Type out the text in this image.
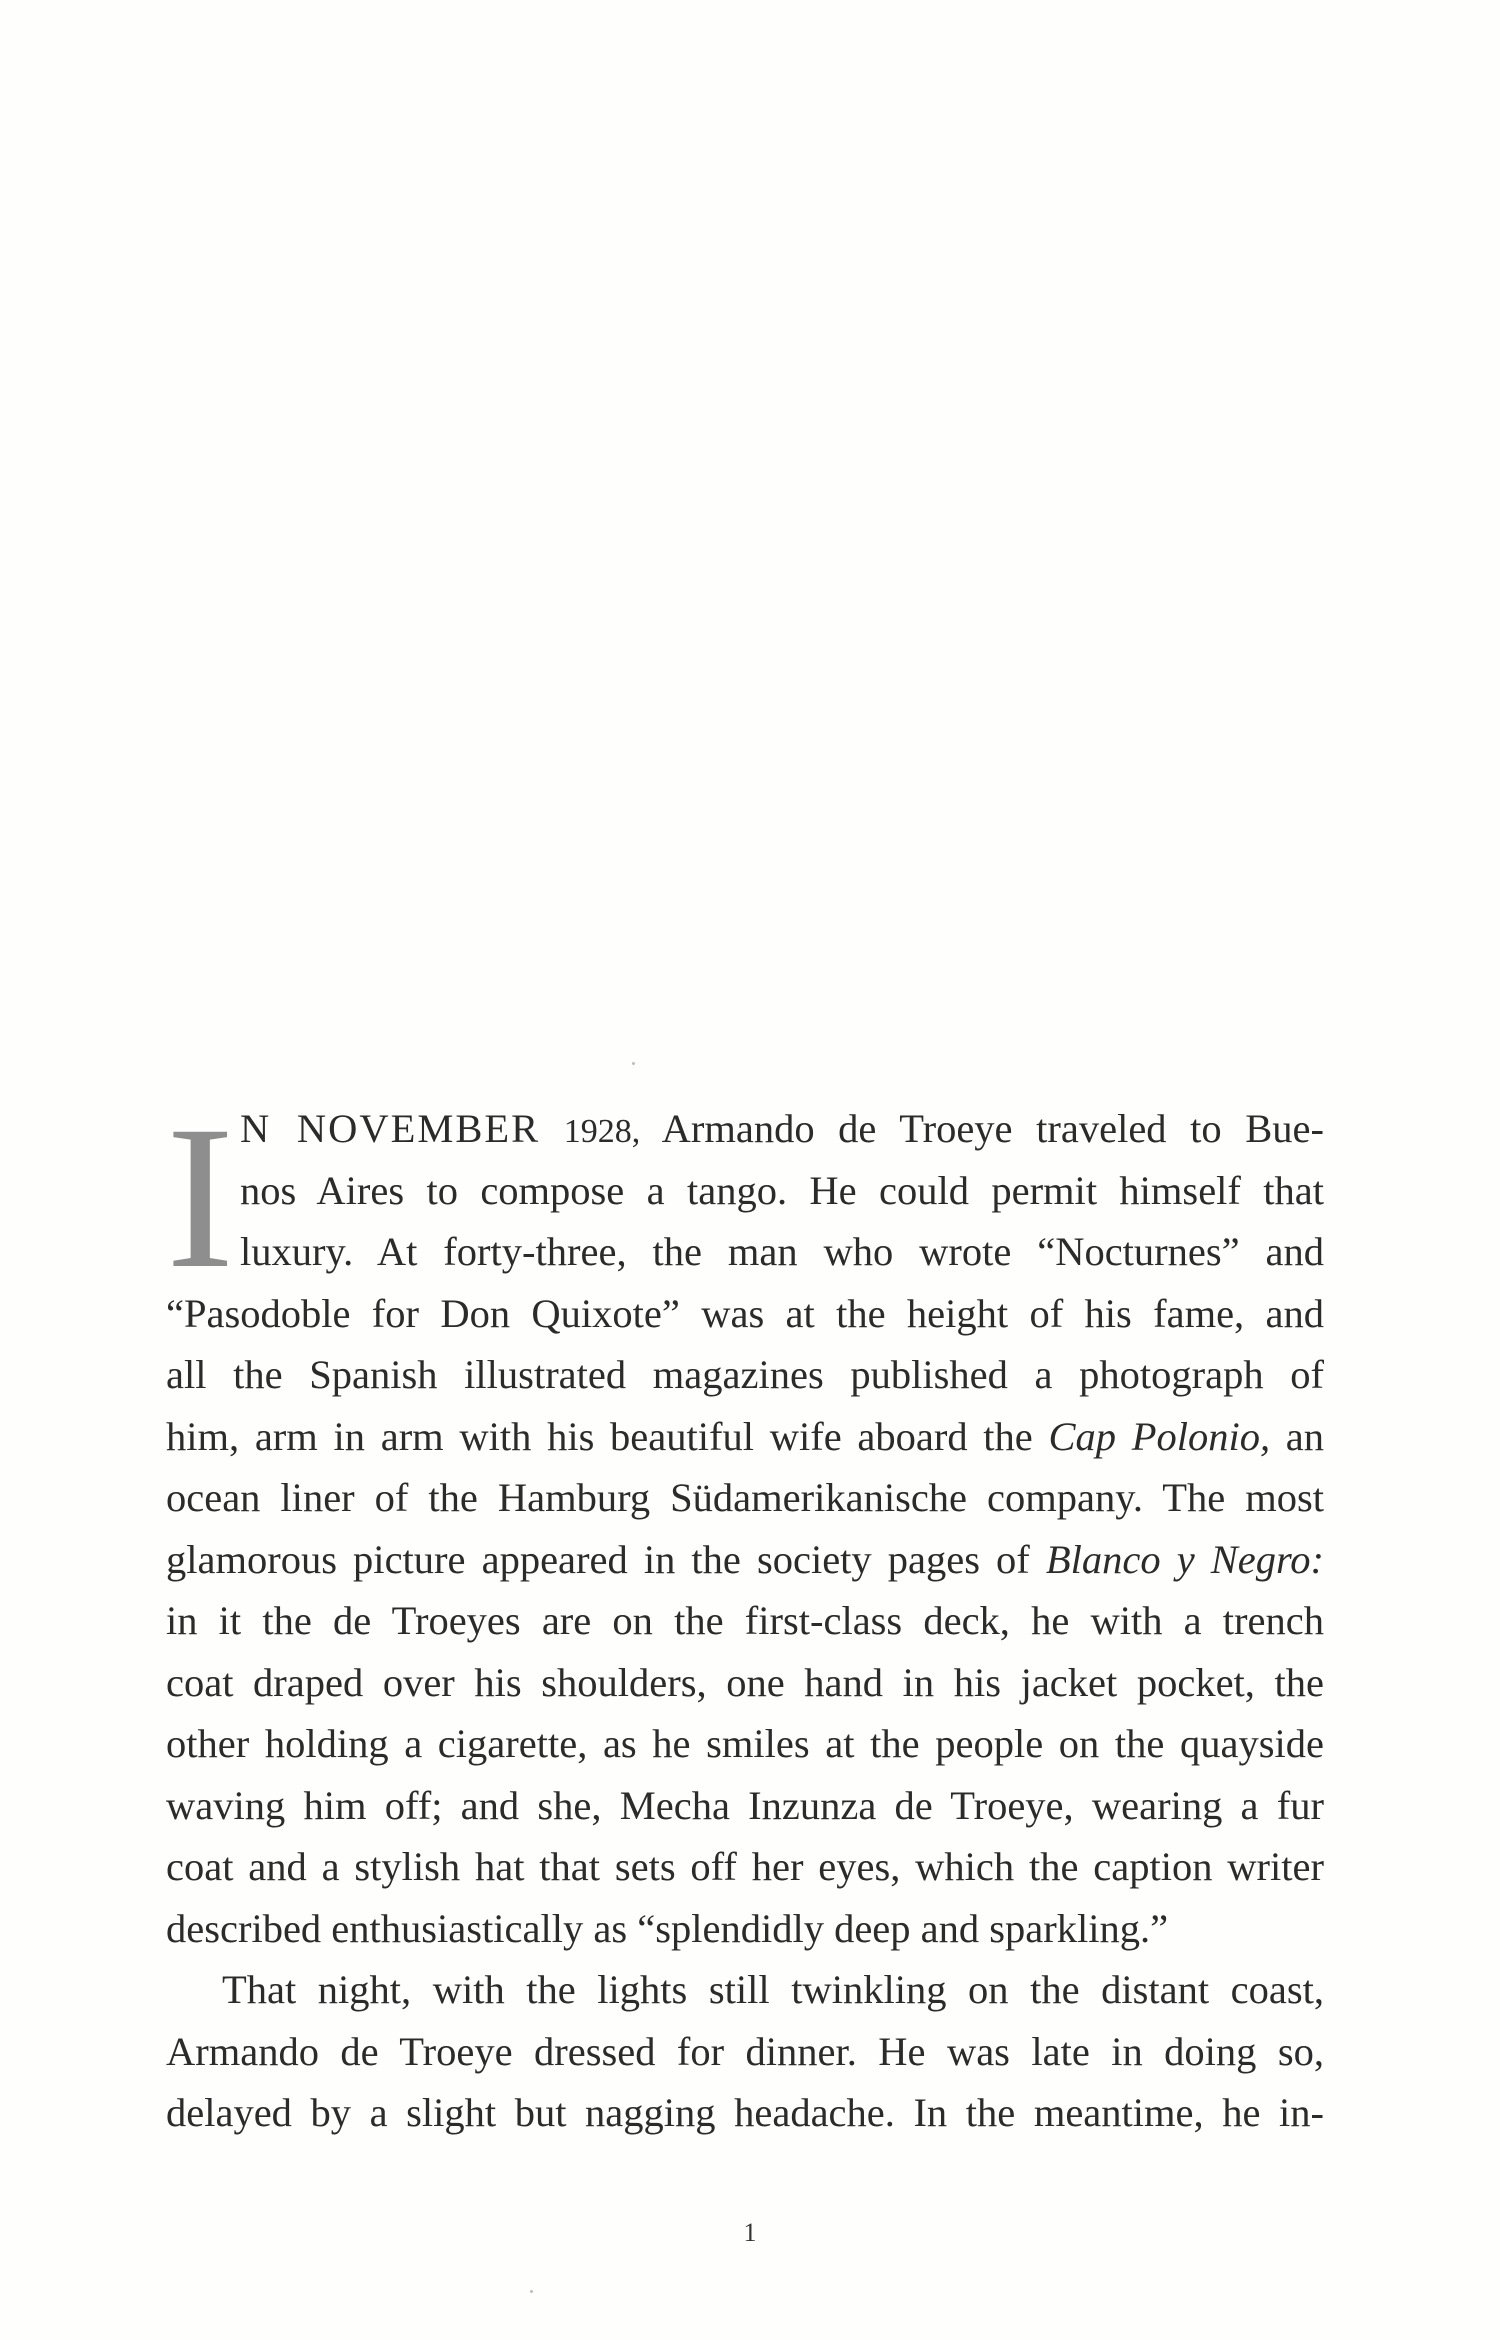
I N NOVEMBER 1928, Armando de Troeye traveled to Bue-
nos Aires to compose a tango. He could permit himself that
luxury. At forty-three, the man who wrote “Nocturnes” and
“Pasodoble for Don Quixote” was at the height of his fame, and
all the Spanish illustrated magazines published a photograph of
him, arm in arm with his beautiful wife aboard the Cap Polonio, an
ocean liner of the Hamburg Südamerikanische company. The most
glamorous picture appeared in the society pages of Blanco y Negro:
in it the de Troeyes are on the first-class deck, he with a trench
coat draped over his shoulders, one hand in his jacket pocket, the
other holding a cigarette, as he smiles at the people on the quayside
waving him off; and she, Mecha Inzunza de Troeye, wearing a fur
coat and a stylish hat that sets off her eyes, which the caption writer
described enthusiastically as “splendidly deep and sparkling.”
That night, with the lights still twinkling on the distant coast,
Armando de Troeye dressed for dinner. He was late in doing so,
delayed by a slight but nagging headache. In the meantime, he in-
1
